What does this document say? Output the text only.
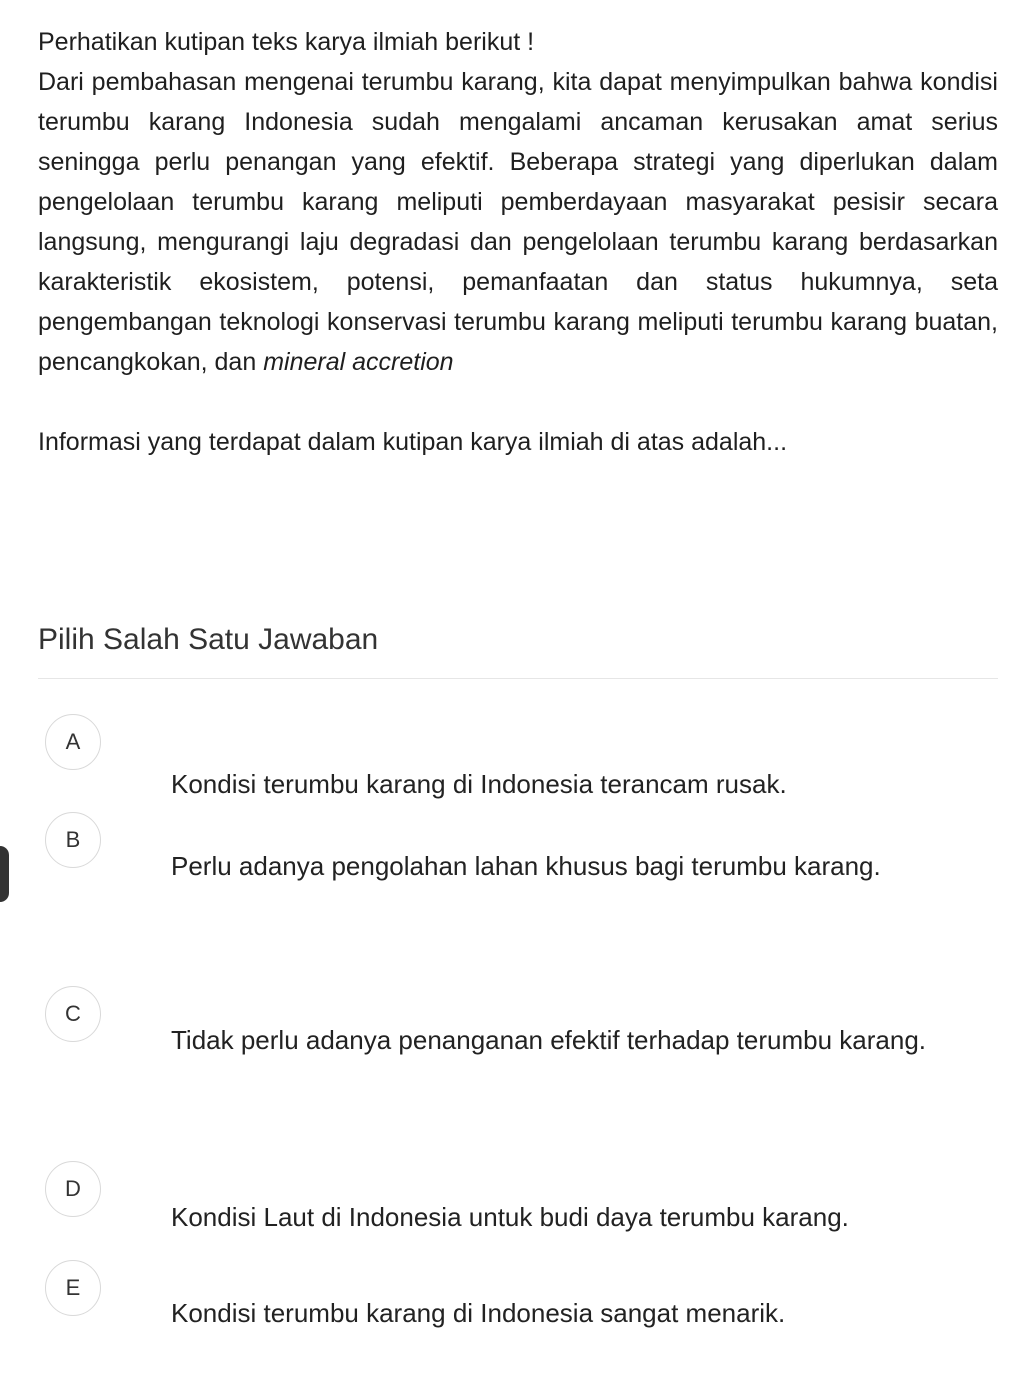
Perhatikan kutipan teks karya ilmiah berikut !

Dari pembahasan mengenai terumbu karang, kita dapat menyimpulkan bahwa kondisi terumbu karang Indonesia sudah mengalami ancaman kerusakan amat serius seningga perlu penangan yang efektif. Beberapa strategi yang diperlukan dalam pengelolaan terumbu karang meliputi pemberdayaan masyarakat pesisir secara langsung, mengurangi laju degradasi dan pengelolaan terumbu karang berdasarkan karakteristik ekosistem, potensi, pemanfaatan dan status hukumnya, seta pengembangan teknologi konservasi terumbu karang meliputi terumbu karang buatan, pencangkokan, dan mineral accretion

Informasi yang terdapat dalam kutipan karya ilmiah di atas adalah...

Pilih Salah Satu Jawaban
A
Kondisi terumbu karang di Indonesia terancam rusak.
B
Perlu adanya pengolahan lahan khusus bagi terumbu karang.
C
Tidak perlu adanya penanganan efektif terhadap terumbu karang.
D
Kondisi Laut di Indonesia untuk budi daya terumbu karang.
E
Kondisi terumbu karang di Indonesia sangat menarik.
